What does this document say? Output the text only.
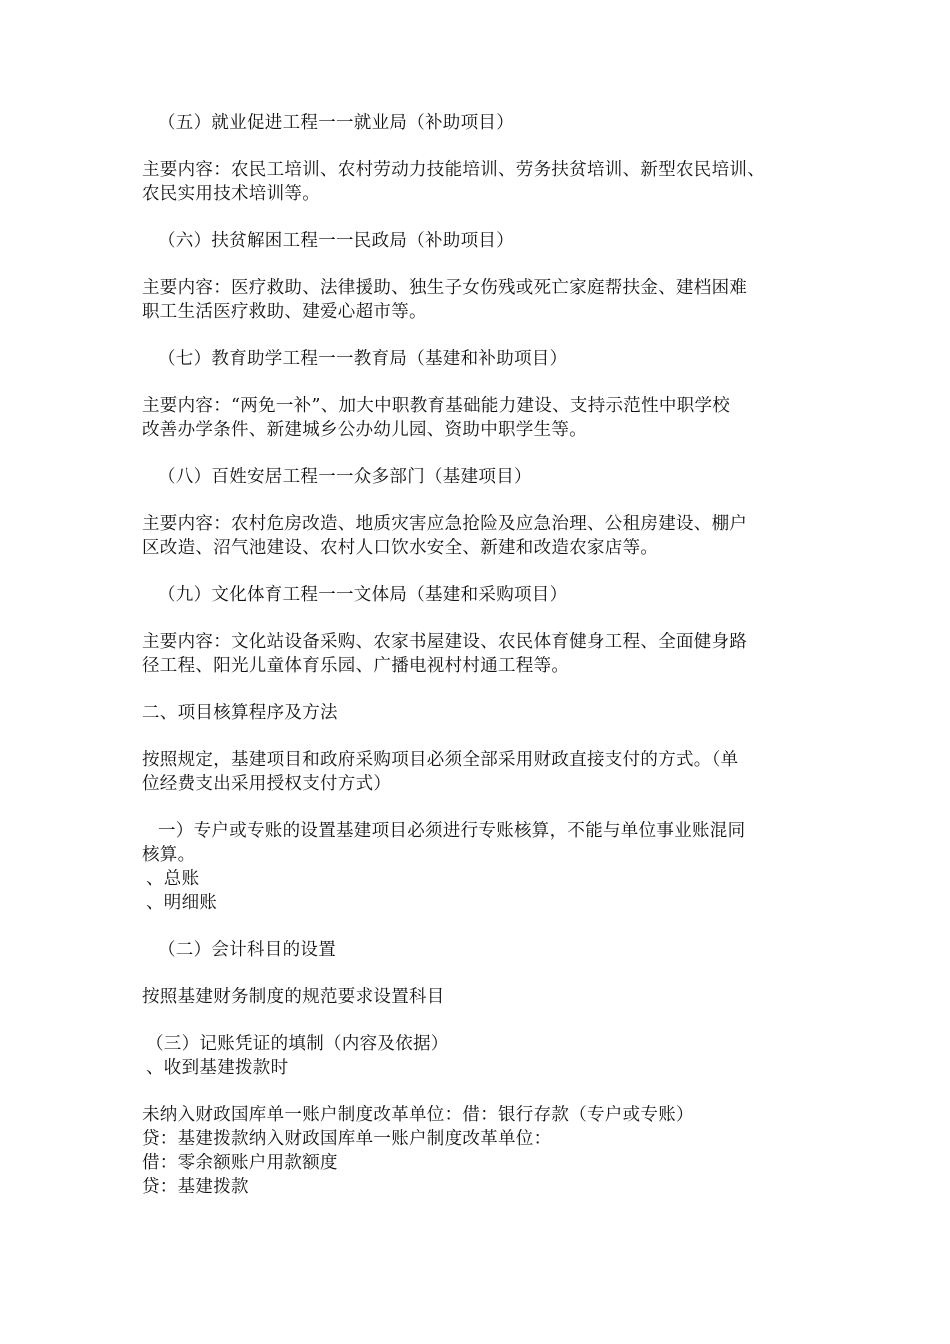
（五）就业促进工程一一就业局（补助项目）
主要内容：农民工培训、农村劳动力技能培训、劳务扶贫培训、新型农民培训、
农民实用技术培训等。
（六）扶贫解困工程一一民政局（补助项目）
主要内容：医疗救助、法律援助、独生子女伤残或死亡家庭帮扶金、建档困难
职工生活医疗救助、建爱心超市等。
（七）教育助学工程一一教育局（基建和补助项目）
主要内容：“两免一补”、加大中职教育基础能力建设、支持示范性中职学校
改善办学条件、新建城乡公办幼儿园、资助中职学生等。
（八）百姓安居工程一一众多部门（基建项目）
主要内容：农村危房改造、地质灾害应急抢险及应急治理、公租房建设、棚户
区改造、沼气池建设、农村人口饮水安全、新建和改造农家店等。
（九）文化体育工程一一文体局（基建和采购项目）
主要内容：文化站设备采购、农家书屋建设、农民体育健身工程、全面健身路
径工程、阳光儿童体育乐园、广播电视村村通工程等。
二、项目核算程序及方法
按照规定，基建项目和政府采购项目必须全部采用财政直接支付的方式。（单
位经费支出采用授权支付方式）
一）专户或专账的设置基建项目必须进行专账核算，不能与单位事业账混同
核算。
、总账
、明细账
（二）会计科目的设置
按照基建财务制度的规范要求设置科目
（三）记账凭证的填制（内容及依据）
、收到基建拨款时
未纳入财政国库单一账户制度改革单位：借：银行存款（专户或专账）
贷：基建拨款纳入财政国库单一账户制度改革单位：
借：零余额账户用款额度
贷：基建拨款
